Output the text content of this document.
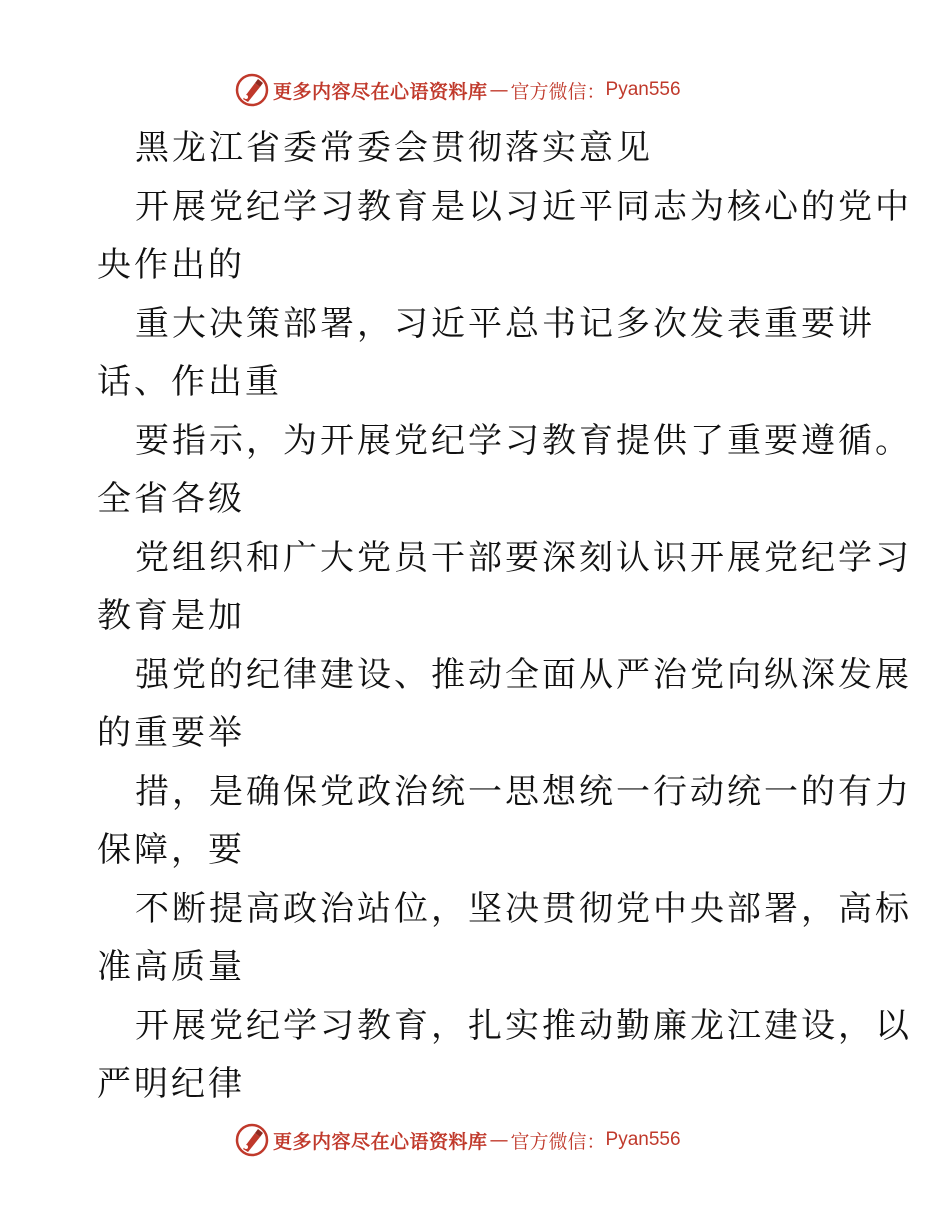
更多内容尽在心语资料库 — 官方微信： Pyan556
黑龙江省委常委会贯彻落实意见
开展党纪学习教育是以习近平同志为核心的党中
央作出的
重大决策部署，习近平总书记多次发表重要讲
话、作出重
要指示，为开展党纪学习教育提供了重要遵循。
全省各级
党组织和广大党员干部要深刻认识开展党纪学习
教育是加
强党的纪律建设、推动全面从严治党向纵深发展
的重要举
措，是确保党政治统一思想统一行动统一的有力
保障，要
不断提高政治站位，坚决贯彻党中央部署，高标
准高质量
开展党纪学习教育，扎实推动勤廉龙江建设，以
严明纪律
更多内容尽在心语资料库 — 官方微信： Pyan556
